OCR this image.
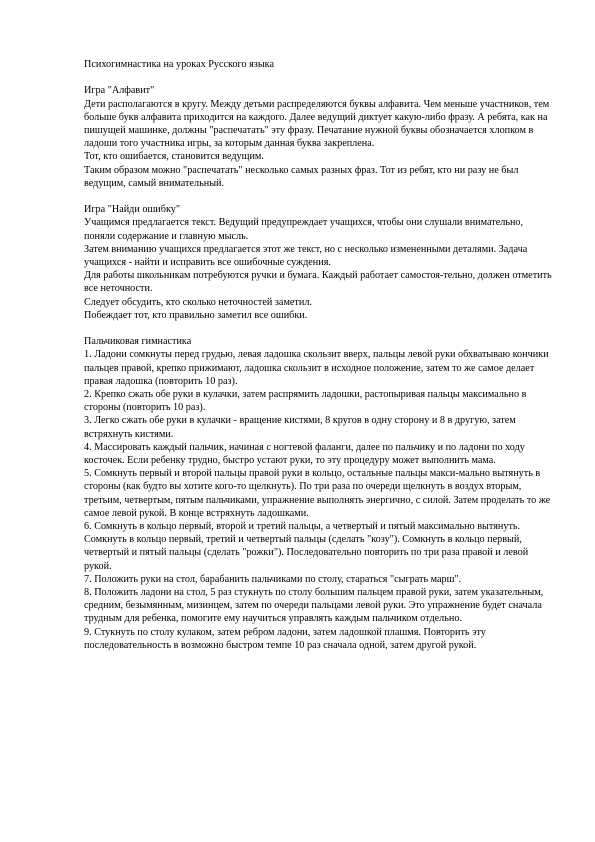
Психогимнастика на уроках Русского языка

Игра "Алфавит"

Дети располагаются в кругу. Между детьми распределяются буквы алфавита. Чем меньше участников, тем больше букв алфавита приходится на каждого. Далее ведущий диктует какую-либо фразу. А ребята, как на пишущей машинке, должны "распечатать" эту фразу. Печатание нужной буквы обозначается хлопком в ладоши того участника игры, за которым данная буква закреплена.

Тот, кто ошибается, становится ведущим.

Таким образом можно "распечатать" несколько самых разных фраз. Тот из ребят, кто ни разу не был ведущим, самый внимательный.

Игра "Найди ошибку"

Учащимся предлагается текст. Ведущий предупреждает учащихся, чтобы они слушали внимательно, поняли содержание и главную мысль.

Затем вниманию учащихся предлагается этот же текст, но с несколько измененными деталями. Задача учащихся - найти и исправить все ошибочные суждения.

Для работы школьникам потребуются ручки и бумага. Каждый работает самостоя-тельно, должен отметить все неточности.

Следует обсудить, кто сколько неточностей заметил.

Побеждает тот, кто правильно заметил все ошибки.

Пальчиковая гимнастика

1. Ладони сомкнуты перед грудью, левая ладошка скользит вверх, пальцы левой руки обхватываю кончики пальцев правой, крепко прижимают, ладошка скользит в исходное положение, затем то же самое делает правая ладошка (повторить 10 раз).

2. Крепко сжать обе руки в кулачки, затем распрямить ладошки, растопыривая пальцы максимально в стороны (повторить 10 раз).

3. Легко сжать обе руки в кулачки - вращение кистями, 8 кругов в одну сторону и 8 в другую, затем встряхнуть кистями.

4. Массировать каждый пальчик, начиная с ногтевой фаланги, далее по пальчику и по ладони по ходу косточек. Если ребенку трудно, быстро устают руки, то эту процедуру может выполнить мама.

5. Сомкнуть первый и второй пальцы правой руки в кольцо, остальные пальцы макси-мально вытянуть в стороны (как будто вы хотите кого-то щелкнуть). По три раза по очереди щелкнуть в воздух вторым, третьим, четвертым, пятым пальчиками, упражнение выполнять энергично, с силой. Затем проделать то же самое левой рукой. В конце встряхнуть ладошками.

6. Сомкнуть в кольцо первый, второй и третий пальцы, а четвертый и пятый максимально вытянуть. Сомкнуть в кольцо первый, третий и четвертый пальцы (сделать "козу"). Сомкнуть в кольцо первый, четвертый и пятый пальцы (сделать "рожки"). Последовательно повторить по три раза правой и левой рукой.

7. Положить руки на стол, барабанить пальчиками по столу, стараться "сыграть марш".

8. Положить ладони на стол, 5 раз стукнуть по столу большим пальцем правой руки, затем указательным, средним, безымянным, мизинцем, затем по очереди пальцами левой руки. Это упражнение будет сначала трудным для ребенка, помогите ему научиться управлять каждым пальчиком отдельно.

9. Стукнуть по столу кулаком, затем ребром ладони, затем ладошкой плашмя. Повторить эту последовательность в возможно быстром темпе 10 раз сначала одной, затем другой рукой.
